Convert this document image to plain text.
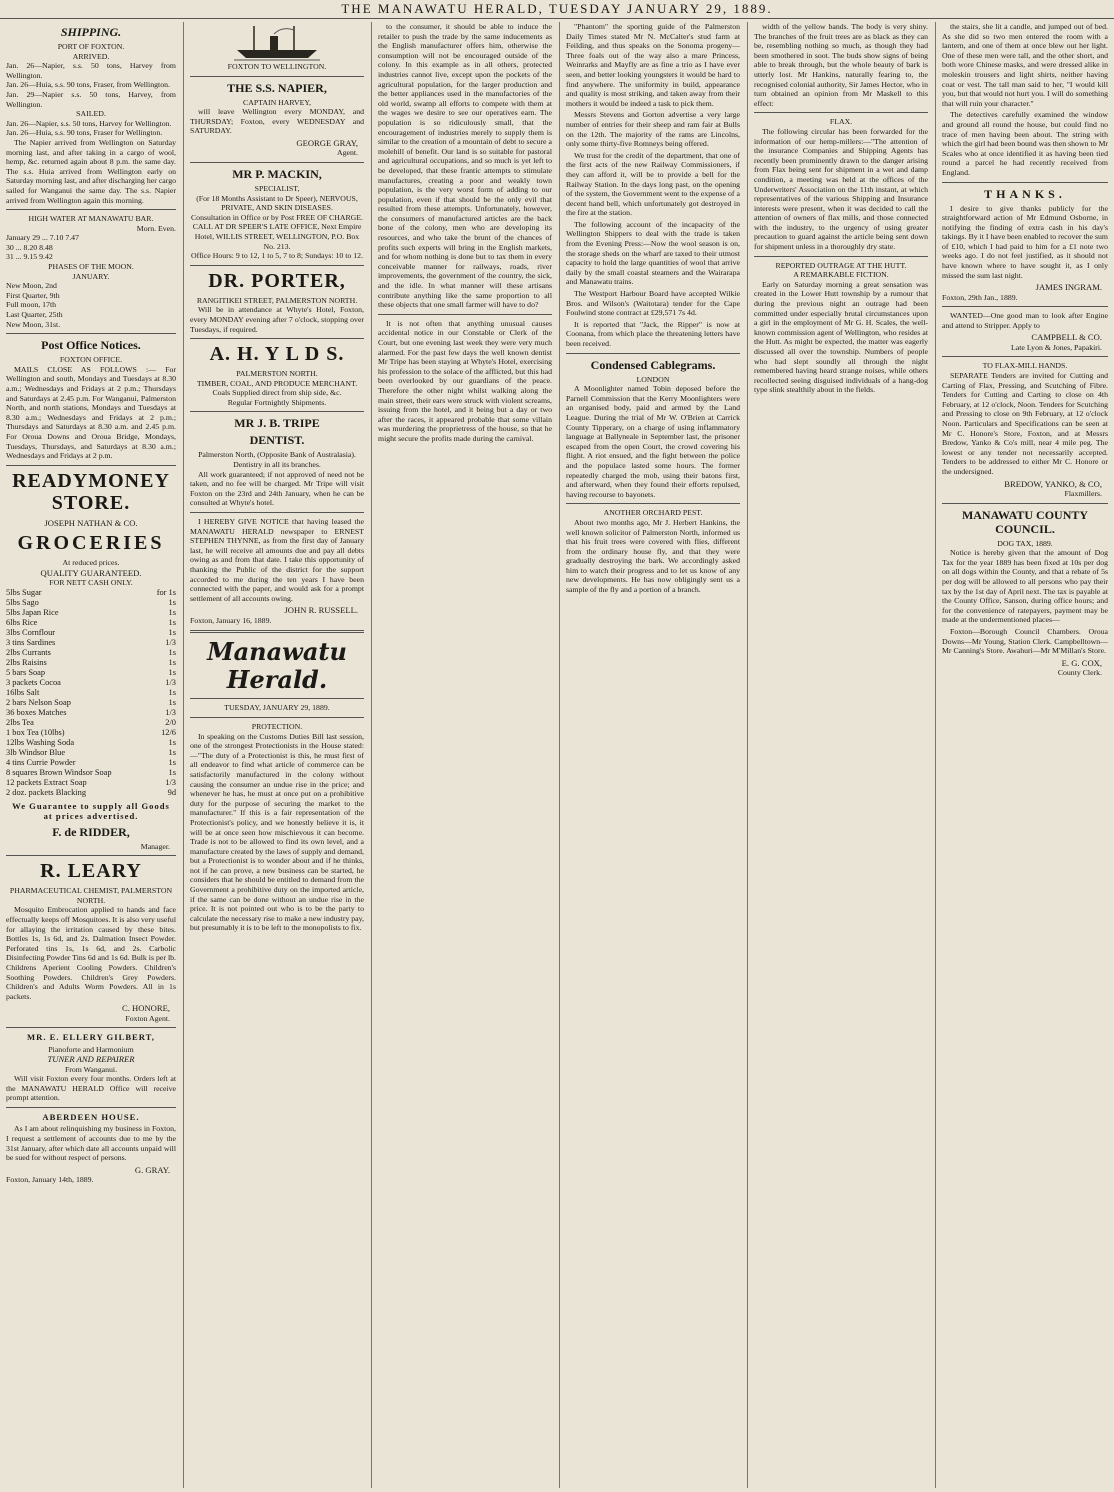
THE MANAWATU HERALD, TUESDAY JANUARY 29, 1889.
SHIPPING.
PORT OF FOXTON.
ARRIVED.
Jan. 26—Napier, s.s. 50 tons, Harvey from Wellington.
Jan. 26—Huia, s.s. 90 tons, Fraser, from Wellington.
Jan. 29—Napier s.s. 50 tons, Harvey, from Wellington.
SAILED.
Jan. 26—Napier, s.s. 50 tons, Harvey for Wellington.
Jan. 26—Huia, s.s. 90 tons, Fraser for Wellington.

The Napier arrived from Wellington on Saturday morning last, and after taking in a cargo of wool, hemp, &c. returned again about 8 p.m. the same day. The s.s. Huia arrived from Wellington early on Saturday morning last, and after discharging her cargo sailed for Wanganui the same day. The s.s. Napier arrived from Wellington again this morning.

HIGH WATER AT MANAWATU BAR.
Morn. Even.
January 29 ... 7.10 7.47
30 ... 8.20 8.48
31 ... 9.15 9.42
PHASES OF THE MOON.
JANUARY.
New Moon, 2nd
First Quarter, 9th
Full moon, 17th
Last Quarter, 25th
New Moon, 31st.
Post Office Notices.
FOXTON OFFICE.

MAILS CLOSE AS FOLLOWS :— For Wellington and south, Mondays and Tuesdays at 8.30 a.m.; Wednesdays and Fridays at 2 p.m.; Thursdays and Saturdays at 2.45 p.m. For Wanganui, Palmerston North, and north stations, Mondays and Tuesdays at 8.30 a.m.; Wednesdays and Fridays at 2 p.m.; Thursdays and Saturdays at 8.30 a.m. and 2.45 p.m. For Oroua Downs and Oroua Bridge, Mondays, Tuesdays, Thursdays, and Saturdays at 8.30 a.m.; Wednesdays and Fridays at 2 p.m.

READYMONEY STORE.
JOSEPH NATHAN & CO.
GROCERIES
At reduced prices.
QUALITY GUARANTEED.
FOR NETT CASH ONLY.
5lbs Sugar	for 1s
5lbs Sago	1s
5lbs Japan Rice	1s
6lbs Rice	1s
3lbs Cornflour	1s
3 tins Sardines	1/3
2lbs Currants	1s
2lbs Raisins	1s
5 bars Soap	1s
3 packets Cocoa	1/3
16lbs Salt	1s
2 bars Nelson Soap	1s
36 boxes Matches	1/3
2lbs Tea	2/0
1 box Tea (10lbs)	12/6
12lbs Washing Soda	1s
3lb Windsor Blue	1s
4 tins Currie Powder	1s
8 squares Brown Windsor Soap	1s
12 packets Extract Soap	1/3
2 doz. packets Blacking	9d
We Guarantee to supply all Goods at prices advertised.
F. de RIDDER,
Manager.
R. LEARY
PHARMACEUTICAL CHEMIST, PALMERSTON NORTH.

Mosquito Embrocation applied to hands and face effectually keeps off Mosquitoes. It is also very useful for allaying the irritation caused by these bites. Bottles 1s, 1s 6d, and 2s. Dalmation Insect Powder. Perforated tins 1s, 1s 6d, and 2s. Carbolic Disinfecting Powder Tins 6d and 1s 6d. Bulk is per lb. Childrens Aperient Cooling Powders. Children's Soothing Powders. Children's Grey Powders. Children's and Adults Worm Powders. All in 1s packets.

C. HONORE,
Foxton Agent.
MR. E. ELLERY GILBERT,
Pianoforte and Harmonium
TUNER AND REPAIRER
From Wanganui.

Will visit Foxton every four months. Orders left at the MANAWATU HERALD Office will receive prompt attention.

ABERDEEN HOUSE.

As I am about relinquishing my business in Foxton, I request a settlement of accounts due to me by the 31st January, after which date all accounts unpaid will be sued for without respect of persons.

G. GRAY.
Foxton, January 14th, 1889.
FOXTON TO WELLINGTON.
THE S.S. NAPIER,
CAPTAIN HARVEY,

will leave Wellington every MONDAY, and THURSDAY; Foxton, every WEDNESDAY and SATURDAY.

GEORGE GRAY,
Agent.
MR P. MACKIN,
SPECIALIST,
(For 18 Months Assistant to Dr Speer), NERVOUS, PRIVATE, AND SKIN DISEASES.
Consultation in Office or by Post FREE OF CHARGE.
CALL AT DR SPEER'S LATE OFFICE, Next Empire Hotel, WILLIS STREET, WELLINGTON, P.O. Box No. 213.
Office Hours: 9 to 12, 1 to 5, 7 to 8; Sundays: 10 to 12.
DR. PORTER,
RANGITIKEI STREET, PALMERSTON NORTH.

Will be in attendance at Whyte's Hotel, Foxton, every MONDAY evening after 7 o'clock, stopping over Tuesdays, if required.

A. H. Y L D S.
PALMERSTON NORTH.
TIMBER, COAL, AND PRODUCE MERCHANT.
Coals Supplied direct from ship side, &c.
Regular Fortnightly Shipments.
MR J. B. TRIPE
DENTIST.
Palmerston North, (Opposite Bank of Australasia).
Dentistry in all its branches.

All work guaranteed; if not approved of need not be taken, and no fee will be charged. Mr Tripe will visit Foxton on the 23rd and 24th January, when he can be consulted at Whyte's hotel.

I HEREBY GIVE NOTICE that having leased the MANAWATU HERALD newspaper to ERNEST STEPHEN THYNNE, as from the first day of January last, he will receive all amounts due and pay all debts owing as and from that date. I take this opportunity of thanking the Public of the district for the support accorded to me during the ten years I have been connected with the paper, and would ask for a prompt settlement of all accounts owing.

JOHN R. RUSSELL.
Foxton, January 16, 1889.
Manawatu Herald.
TUESDAY, JANUARY 29, 1889.
PROTECTION.

In speaking on the Customs Duties Bill last session, one of the strongest Protectionists in the House stated:—"The duty of a Protectionist is this, he must first of all endeavor to find what article of commerce can be satisfactorily manufactured in the colony without causing the consumer an undue rise in the price; and whenever he has, he must at once put on a prohibitive duty for the purpose of securing the market to the manufacturer." If this is a fair representation of the Protectionist's policy, and we honestly believe it is, it will be at once seen how mischievous it can become. Trade is not to be allowed to find its own level, and a manufacture created by the laws of supply and demand, but a Protectionist is to wonder about and if he thinks, not if he can prove, a new business can be started, he considers that he should be entitled to demand from the Government a prohibitive duty on the imported article, if the same can be done without an undue rise in the price. It is not pointed out who is to be the party to calculate the necessary rise to make a new industry pay, but presumably it is to be left to the monopolists to fix.

to the consumer, it should be able to induce the retailer to push the trade by the same inducements as the English manufacturer offers him, otherwise the consumption will not be encouraged outside of the colony. In this example as in all others, protected industries cannot live, except upon the pockets of the agricultural population, for the larger production and the better appliances used in the manufactories of the old world, swamp all efforts to compete with them at the wages we desire to see our operatives earn. The population is so ridiculously small, that the encouragement of industries merely to supply them is similar to the creation of a mountain of debt to secure a molehill of benefit. Our land is so suitable for pastoral and agricultural occupations, and so much is yet left to be developed, that these frantic attempts to stimulate manufactures, creating a poor and weakly town population, is the very worst form of adding to our population, even if that should be the only evil that resulted from these attempts. Unfortunately, however, the consumers of manufactured articles are the back bone of the colony, men who are developing its resources, and who take the brunt of the chances of profits such experts will bring in the English markets, and for whom nothing is done but to tax them in every conceivable manner for railways, roads, river improvements, the government of the country, the sick, and the idle. In what manner will these artisans contribute anything like the same proportion to all these objects that one small farmer will have to do?

It is not often that anything unusual causes accidental notice in our Constable or Clerk of the Court, but one evening last week they were very much alarmed. For the past few days the well known dentist Mr Tripe has been staying at Whyte's Hotel, exercising his profession to the solace of the afflicted, but this had been overlooked by our guardians of the peace. Therefore the other night whilst walking along the main street, their ears were struck with violent screams, issuing from the hotel, and it being but a day or two after the races, it appeared probable that some villain was murdering the proprietress of the house, so that he might secure the profits made during the carnival.

"Phantom" the sporting guide of the Palmerston Daily Times stated Mr N. McCalter's stud farm at Feilding, and thus speaks on the Sonoma progeny—Three foals out of the way also a mare Princess, Weinrarks and Mayfly are as fine a trio as I have ever seen, and better looking youngsters it would be hard to find anywhere. The uniformity in build, appearance and quality is most striking, and taken away from their mothers it would be indeed a task to pick them.

Messrs Stevens and Gorton advertise a very large number of entries for their sheep and ram fair at Bulls on the 12th. The majority of the rams are Lincolns, only some thirty-five Romneys being offered.

We trust for the credit of the department, that one of the first acts of the new Railway Commissioners, if they can afford it, will be to provide a bell for the Railway Station. In the days long past, on the opening of the system, the Government went to the expense of a decent hand bell, which unfortunately got destroyed in the fire at the station.

The following account of the incapacity of the Wellington Shippers to deal with the trade is taken from the Evening Press:—Now the wool season is on, the storage sheds on the wharf are taxed to their utmost capacity to hold the large quantities of wool that arrive daily by the small coastal steamers and the Wairarapa and Manawatu trains.

The Westport Harbour Board have accepted Wilkie Bros. and Wilson's (Waitotara) tender for the Cape Foulwind stone contract at £29,571 7s 4d.

It is reported that "Jack, the Ripper" is now at Coonana, from which place the threatening letters have been received.

Condensed Cablegrams.
LONDON

A Moonlighter named Tobin deposed before the Parnell Commission that the Kerry Moonlighters were an organised body, paid and armed by the Land League. During the trial of Mr W. O'Brien at Carrick County Tipperary, on a charge of using inflammatory language at Ballyneale in September last, the prisoner escaped from the open Court, the crowd covering his flight. A riot ensued, and the fight between the police and the populace lasted some hours. The former repeatedly charged the mob, using their batons first, and afterward, when they found their efforts repulsed, having recourse to bayonets.

ANOTHER ORCHARD PEST.

About two months ago, Mr J. Herbert Hankins, the well known solicitor of Palmerston North, informed us that his fruit trees were covered with flies, different from the ordinary house fly, and that they were gradually destroying the bark. We accordingly asked him to watch their progress and to let us know of any new developments. He has now obligingly sent us a sample of the fly and a portion of a branch.

width of the yellow bands. The body is very shiny. The branches of the fruit trees are as black as they can be, resembling nothing so much, as though they had been smothered in soot. The buds show signs of being able to break through, but the whole beauty of bark is utterly lost. Mr Hankins, naturally fearing to, the recognised colonial authority, Sir James Hector, who in turn obtained an opinion from Mr Maskell to this effect:

FLAX.

The following circular has been forwarded for the information of our hemp-millers:—"The attention of the insurance Companies and Shipping Agents has recently been prominently drawn to the danger arising from Flax being sent for shipment in a wet and damp condition, a meeting was held at the offices of the Underwriters' Association on the 11th instant, at which representatives of the various Shipping and Insurance interests were present, when it was decided to call the attention of owners of flax mills, and those connected with the industry, to the urgency of using greater precaution to guard against the article being sent down for shipment unless in a thoroughly dry state.

REPORTED OUTRAGE AT THE HUTT.
A REMARKABLE FICTION.

Early on Saturday morning a great sensation was created in the Lower Hutt township by a rumour that during the previous night an outrage had been committed under especially brutal circumstances upon a girl in the employment of Mr G. H. Scales, the well-known commission agent of Wellington, who resides at the Hutt. As might be expected, the matter was eagerly discussed all over the township. Numbers of people who had slept soundly all through the night remembered having heard strange noises, while others recollected seeing disguised individuals of a hang-dog type slink stealthily about in the fields.

the stairs, she lit a candle, and jumped out of bed. As she did so two men entered the room with a lantern, and one of them at once blew out her light. One of these men were tall, and the other short, and both wore Chinese masks, and were dressed alike in moleskin trousers and light shirts, neither having coat or vest. The tall man said to her, "I would kill you, but that would not hurt you. I will do something that will ruin your character."

The detectives carefully examined the window and ground all round the house, but could find no trace of men having been about. The string with which the girl had been bound was then shown to Mr Scales who at once identified it as having been tied round a parcel he had recently received from England.

THANKS.

I desire to give thanks publicly for the straightforward action of Mr Edmund Osborne, in notifying the finding of extra cash in his day's takings. By it I have been enabled to recover the sum of £10, which I had paid to him for a £1 note two weeks ago. I do not feel justified, as it should not have known where to have sought it, as I only missed the sum last night.

JAMES INGRAM.
Foxton, 29th Jan., 1889.

WANTED—One good man to look after Engine and attend to Stripper. Apply to

CAMPBELL & CO.
Late Lyon & Jones, Papakiri.
TO FLAX-MILL HANDS.

SEPARATE Tenders are invited for Cutting and Carting of Flax, Pressing, and Scutching of Fibre. Tenders for Cutting and Carting to close on 4th February, at 12 o'clock, Noon. Tenders for Scutching and Pressing to close on 9th February, at 12 o'clock Noon. Particulars and Specifications can be seen at Mr C. Honore's Store, Foxton, and at Messrs Bredow, Yanko & Co's mill, near 4 mile peg. The lowest or any tender not necessarily accepted. Tenders to be addressed to either Mr C. Honore or the undersigned.

BREDOW, YANKO, & CO,
Flaxmillers.
MANAWATU COUNTY COUNCIL.
DOG TAX, 1889.

Notice is hereby given that the amount of Dog Tax for the year 1889 has been fixed at 10s per dog on all dogs within the County, and that a rebate of 5s per dog will be allowed to all persons who pay their tax by the 1st day of April next. The tax is payable at the County Office, Sanson, during office hours; and for the convenience of ratepayers, payment may be made at the undermentioned places—

Foxton—Borough Council Chambers. Oroua Downs—Mr Young, Station Clerk. Campbelltown—Mr Canning's Store. Awahuri—Mr M'Millan's Store.

E. G. COX,
County Clerk.
